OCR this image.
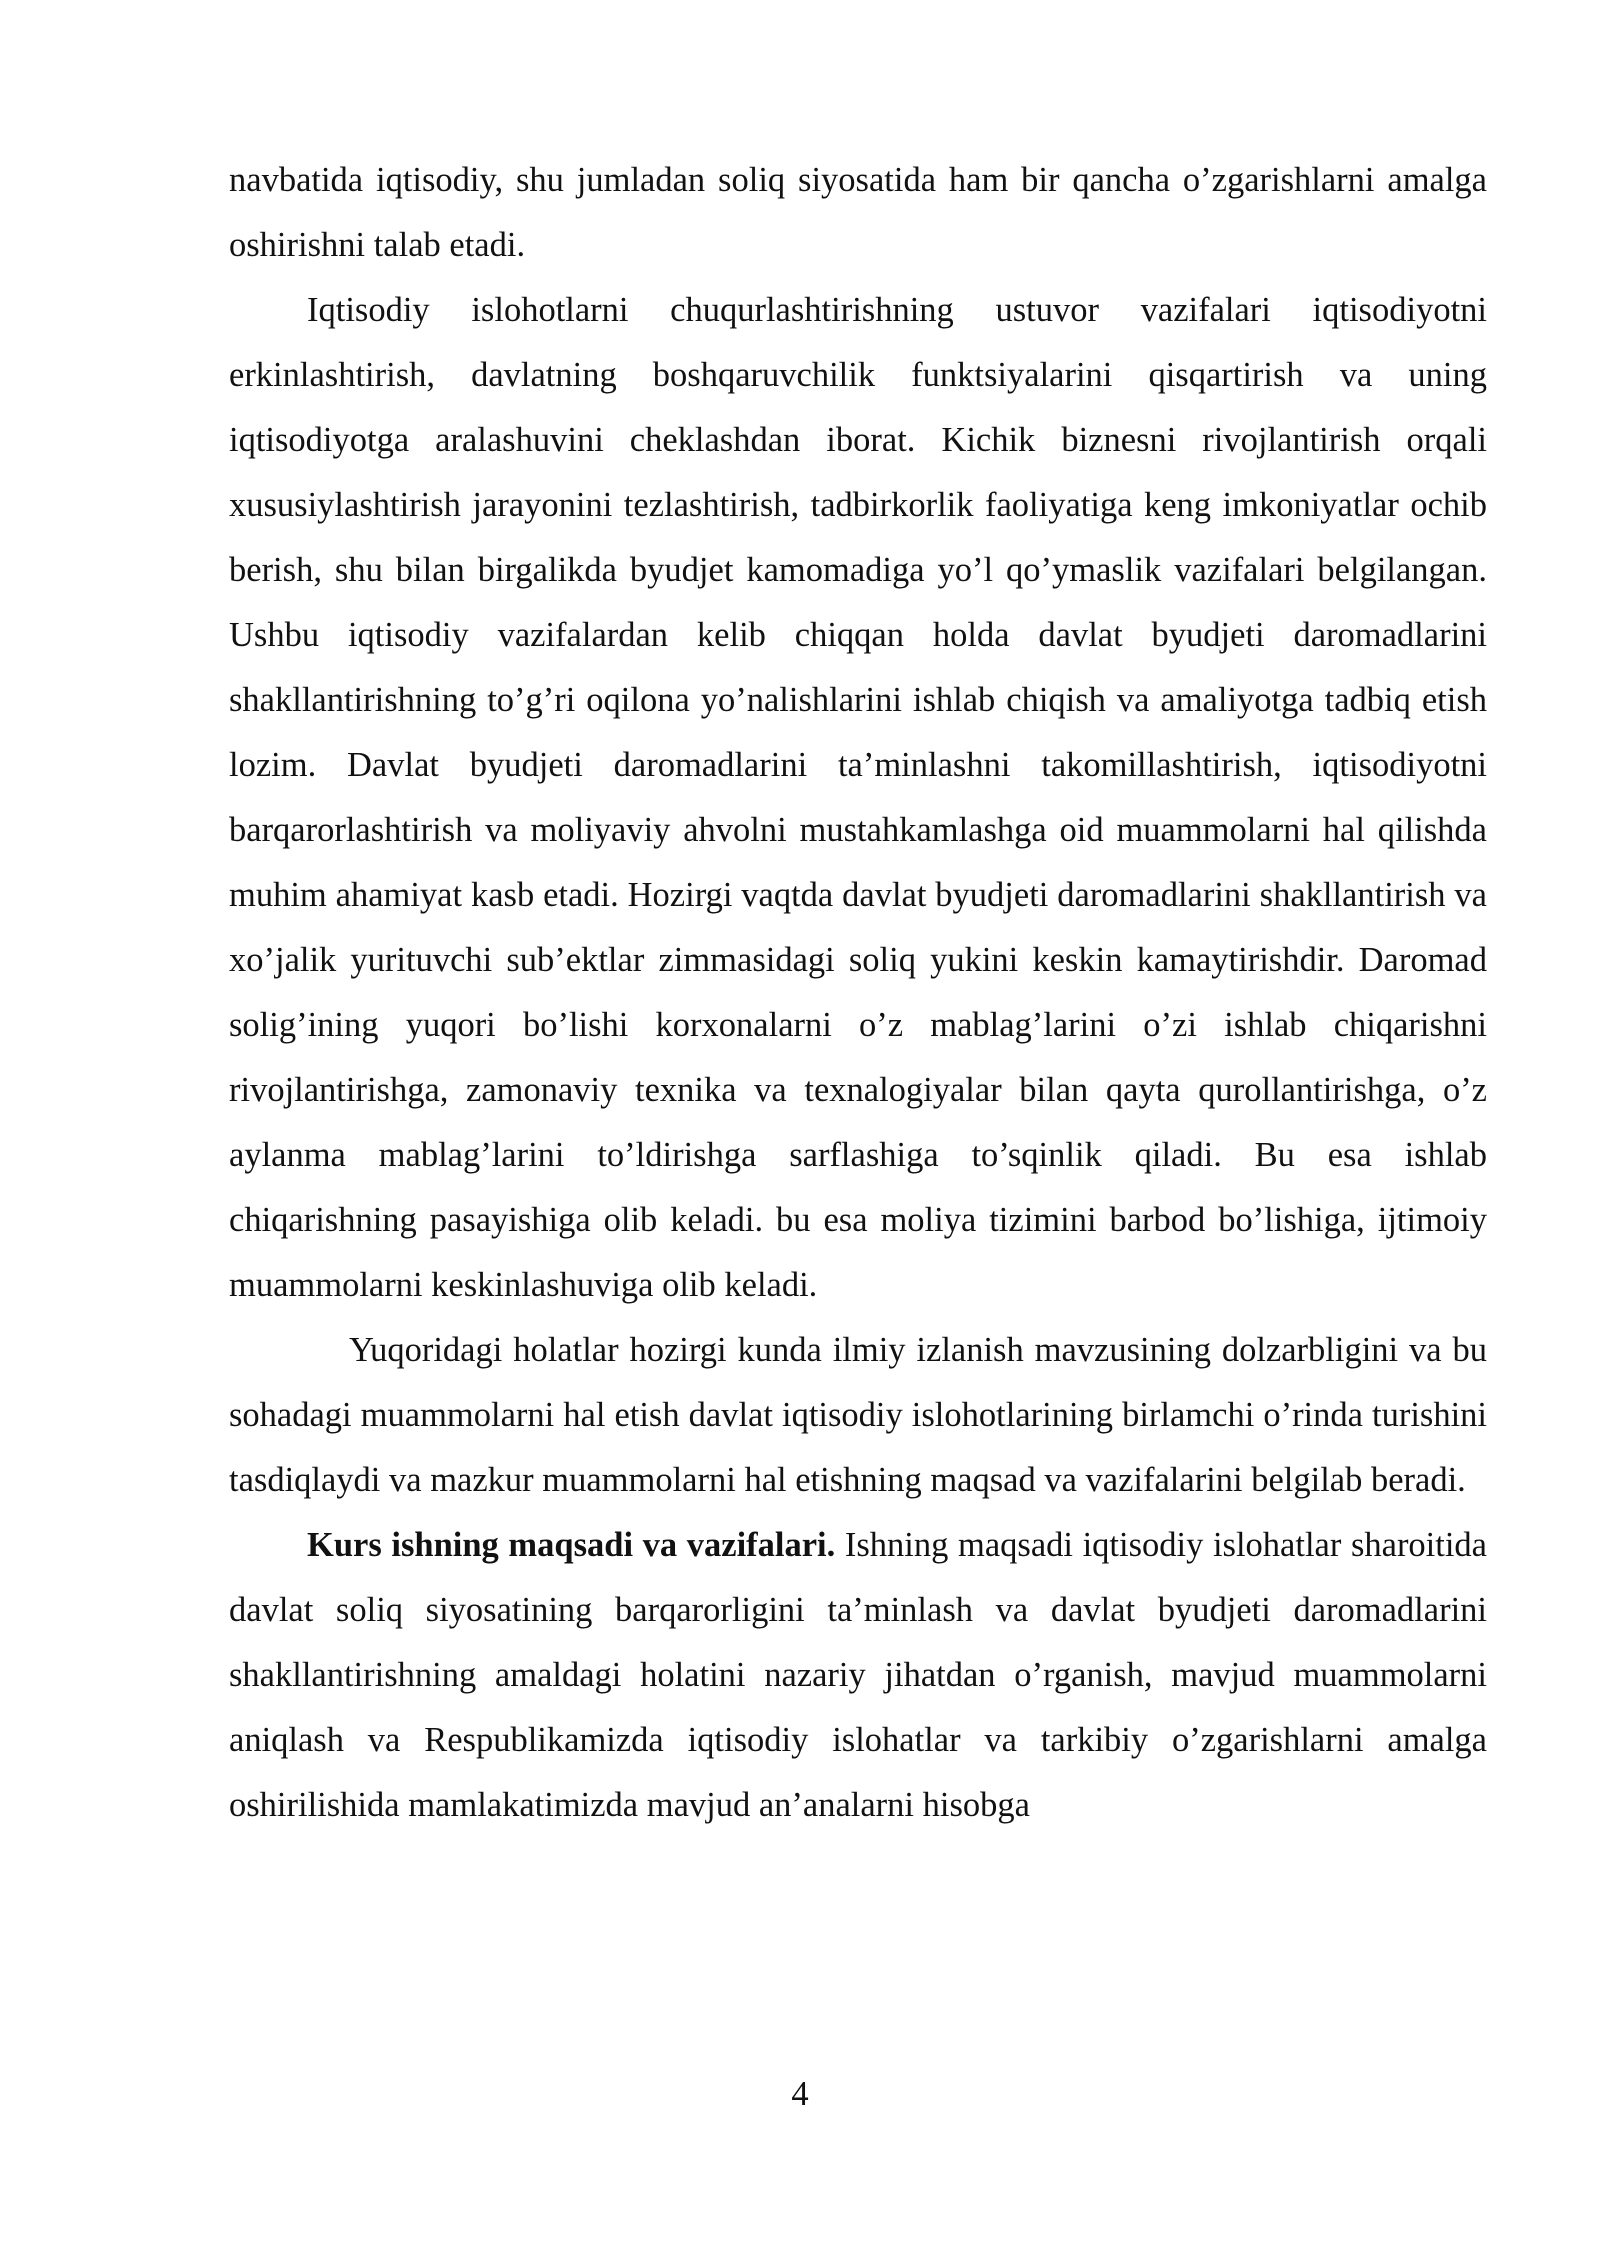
navbatida iqtisodiy, shu jumladan soliq siyosatida ham bir qancha o’zgarishlarni amalga oshirishni talab etadi.

Iqtisodiy islohotlarni chuqurlashtirishning ustuvor vazifalari iqtisodiyotni erkinlashtirish, davlatning boshqaruvchilik funktsiyalarini qisqartirish va uning iqtisodiyotga aralashuvini cheklashdan iborat. Kichik biznesni rivojlantirish orqali xususiylashtirish jarayonini tezlashtirish, tadbirkorlik faoliyatiga keng imkoniyatlar ochib berish, shu bilan birgalikda byudjet kamomadiga yo’l qo’ymaslik vazifalari belgilangan. Ushbu iqtisodiy vazifalardan kelib chiqqan holda davlat byudjeti daromadlarini shakllantirishning to’g’ri oqilona yo’nalishlarini ishlab chiqish va amaliyotga tadbiq etish lozim. Davlat byudjeti daromadlarini ta’minlashni takomillashtirish, iqtisodiyotni barqarorlashtirish va moliyaviy ahvolni mustahkamlashga oid muammolarni hal qilishda muhim ahamiyat kasb etadi. Hozirgi vaqtda davlat byudjeti daromadlarini shakllantirish va xo’jalik yurituvchi sub’ektlar zimmasidagi soliq yukini keskin kamaytirishdir. Daromad solig’ining yuqori bo’lishi korxonalarni o’z mablag’larini o’zi ishlab chiqarishni rivojlantirishga, zamonaviy texnika va texnalogiyalar bilan qayta qurollantirishga, o’z aylanma mablag’larini to’ldirishga sarflashiga to’sqinlik qiladi. Bu esa ishlab chiqarishning pasayishiga olib keladi. bu esa moliya tizimini barbod bo’lishiga, ijtimoiy muammolarni keskinlashuviga olib keladi.

Yuqoridagi holatlar hozirgi kunda ilmiy izlanish mavzusining dolzarbligini va bu sohadagi muammolarni hal etish davlat iqtisodiy islohotlarining birlamchi o’rinda turishini tasdiqlaydi va mazkur muammolarni hal etishning maqsad va vazifalarini belgilab beradi.

Kurs ishning maqsadi va vazifalari. Ishning maqsadi iqtisodiy islohatlar sharoitida davlat soliq siyosatining barqarorligini ta’minlash va davlat byudjeti daromadlarini shakllantirishning amaldagi holatini nazariy jihatdan o’rganish, mavjud muammolarni aniqlash va Respublikamizda iqtisodiy islohatlar va tarkibiy o’zgarishlarni amalga oshirilishida mamlakatimizda mavjud an’analarni hisobga

4
